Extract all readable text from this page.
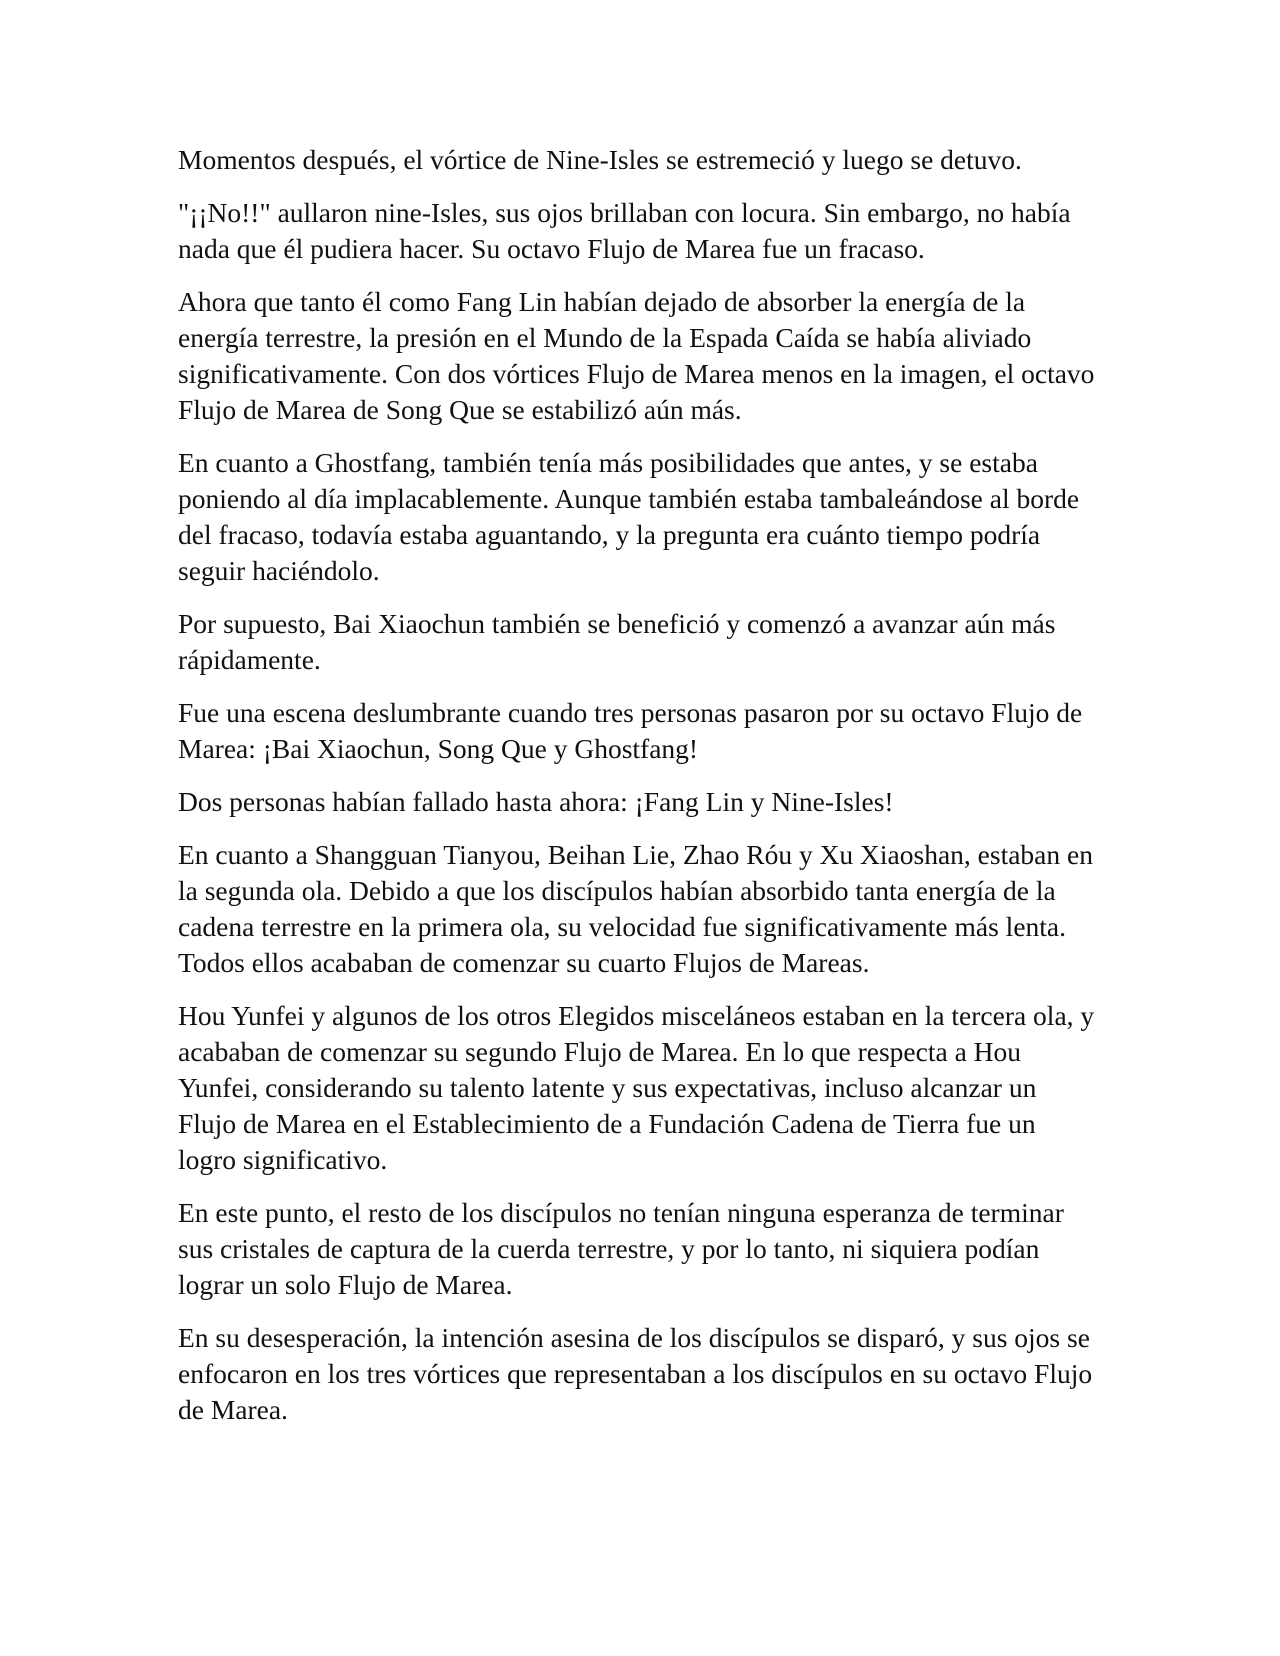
Momentos después, el vórtice de Nine-Isles se estremeció y luego se detuvo.

"¡¡No!!" aullaron nine-Isles, sus ojos brillaban con locura. Sin embargo, no había nada que él pudiera hacer. Su octavo Flujo de Marea fue un fracaso.

Ahora que tanto él como Fang Lin habían dejado de absorber la energía de la energía terrestre, la presión en el Mundo de la Espada Caída se había aliviado significativamente. Con dos vórtices Flujo de Marea menos en la imagen, el octavo Flujo de Marea de Song Que se estabilizó aún más.

En cuanto a Ghostfang, también tenía más posibilidades que antes, y se estaba poniendo al día implacablemente. Aunque también estaba tambaleándose al borde del fracaso, todavía estaba aguantando, y la pregunta era cuánto tiempo podría seguir haciéndolo.

Por supuesto, Bai Xiaochun también se benefició y comenzó a avanzar aún más rápidamente.

Fue una escena deslumbrante cuando tres personas pasaron por su octavo Flujo de Marea: ¡Bai Xiaochun, Song Que y Ghostfang!

Dos personas habían fallado hasta ahora: ¡Fang Lin y Nine-Isles!

En cuanto a Shangguan Tianyou, Beihan Lie, Zhao Róu y Xu Xiaoshan, estaban en la segunda ola. Debido a que los discípulos habían absorbido tanta energía de la cadena terrestre en la primera ola, su velocidad fue significativamente más lenta. Todos ellos acababan de comenzar su cuarto Flujos de Mareas.

Hou Yunfei y algunos de los otros Elegidos misceláneos estaban en la tercera ola, y acababan de comenzar su segundo Flujo de Marea. En lo que respecta a Hou Yunfei, considerando su talento latente y sus expectativas, incluso alcanzar un Flujo de Marea en el Establecimiento de a Fundación Cadena de Tierra fue un logro significativo.

En este punto, el resto de los discípulos no tenían ninguna esperanza de terminar sus cristales de captura de la cuerda terrestre, y por lo tanto, ni siquiera podían lograr un solo Flujo de Marea.

En su desesperación, la intención asesina de los discípulos se disparó, y sus ojos se enfocaron en los tres vórtices que representaban a los discípulos en su octavo Flujo de Marea.
